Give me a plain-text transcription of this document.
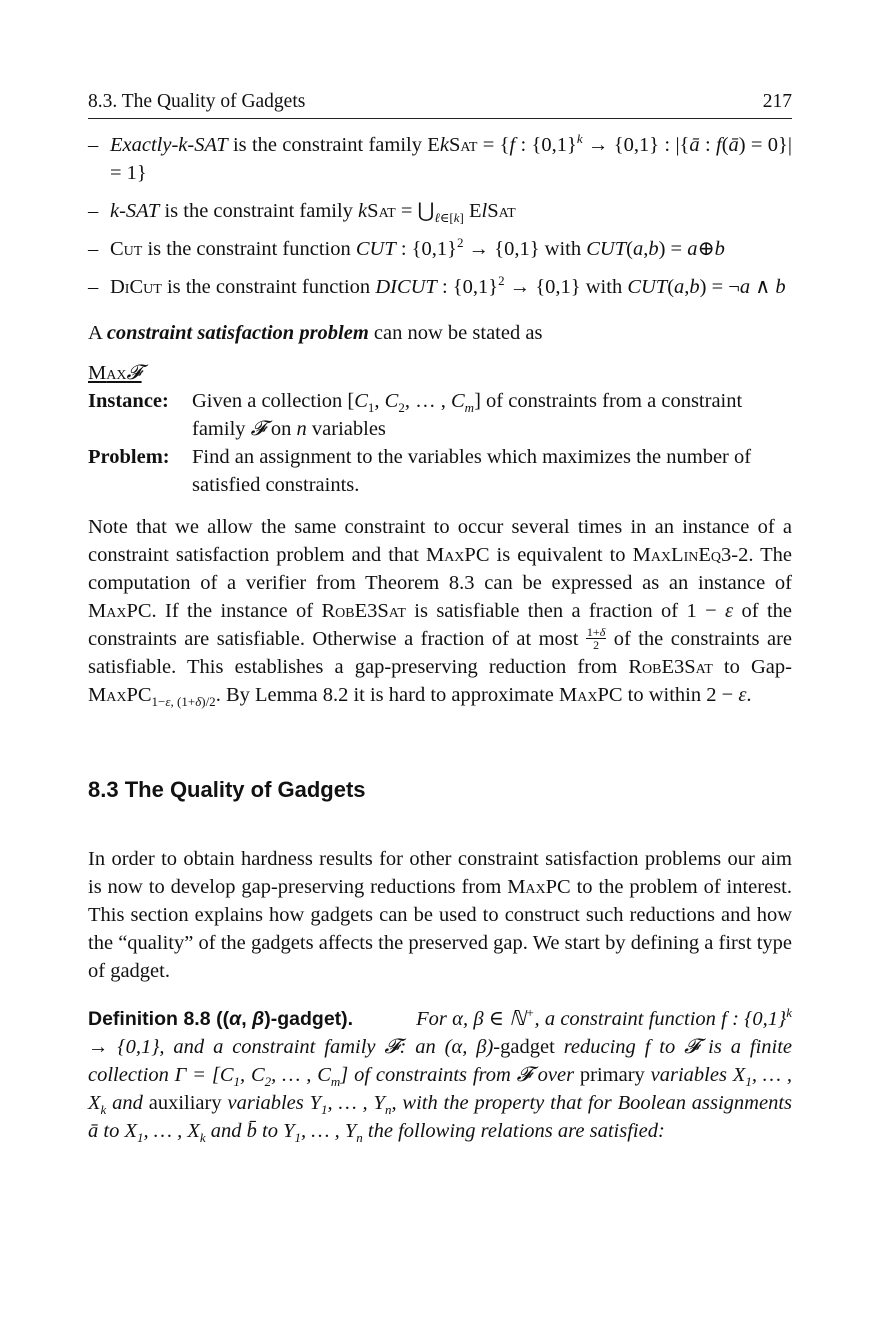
8.3. The Quality of Gadgets	217
– Exactly-k-SAT is the constraint family EkSat = {f : $\{0,1\}^k \to \{0,1\}$ : |{ā : f(ā) = 0}| = 1}
– k-SAT is the constraint family kSat = $⋃_{\ell\in[k]}$ ElSat
– Cut is the constraint function CUT : $\{0,1\}^2 \to \{0,1\}$ with CUT(a,b) = a⊕b
– DiCut is the constraint function DICUT : $\{0,1\}^2 \to \{0,1\}$ with CUT(a,b) = ¬a ∧ b

A constraint satisfaction problem can now be stated as

Max𝓕
Instance:	Given a collection [$C_1$, $C_2$, … , $C_m$] of constraints from a constraint family 𝓕 on n variables
Problem:	Find an assignment to the variables which maximizes the number of satisfied constraints.

Note that we allow the same constraint to occur several times in an instance of a constraint satisfaction problem and that MaxPC is equivalent to MaxLinEq3-2. The computation of a verifier from Theorem 8.3 can be expressed as an instance of MaxPC. If the instance of RobE3Sat is satisfiable then a fraction of 1 − ε of the constraints are satisfiable. Otherwise a fraction of at most $\frac{1+\delta}{2}$ of the constraints are satisfiable. This establishes a gap-preserving reduction from RobE3Sat to Gap-MaxPC$_{1-\varepsilon, (1+\delta)/2}$. By Lemma 8.2 it is hard to approximate MaxPC to within 2 − ε.

8.3 The Quality of Gadgets

In order to obtain hardness results for other constraint satisfaction problems our aim is now to develop gap-preserving reductions from MaxPC to the problem of interest. This section explains how gadgets can be used to construct such reductions and how the “quality” of the gadgets affects the preserved gap. We start by defining a first type of gadget.

Definition 8.8 ((α, β)-gadget).	For α, β ∈ ℕ+, a constraint function f : $\{0,1\}^k \to \{0,1\}$, and a constraint family 𝓕: an (α, β)-gadget reducing f to 𝓕 is a finite collection $\Gamma = [C_1$, $C_2$, … , $C_m$] of constraints from 𝓕 over primary variables $X_1$, … , $X_k$ and auxiliary variables $Y_1$, … , $Y_n$, with the property that for Boolean assignments ā to $X_1$, … , $X_k$ and b̄ to $Y_1$, … , $Y_n$ the following relations are satisfied:
